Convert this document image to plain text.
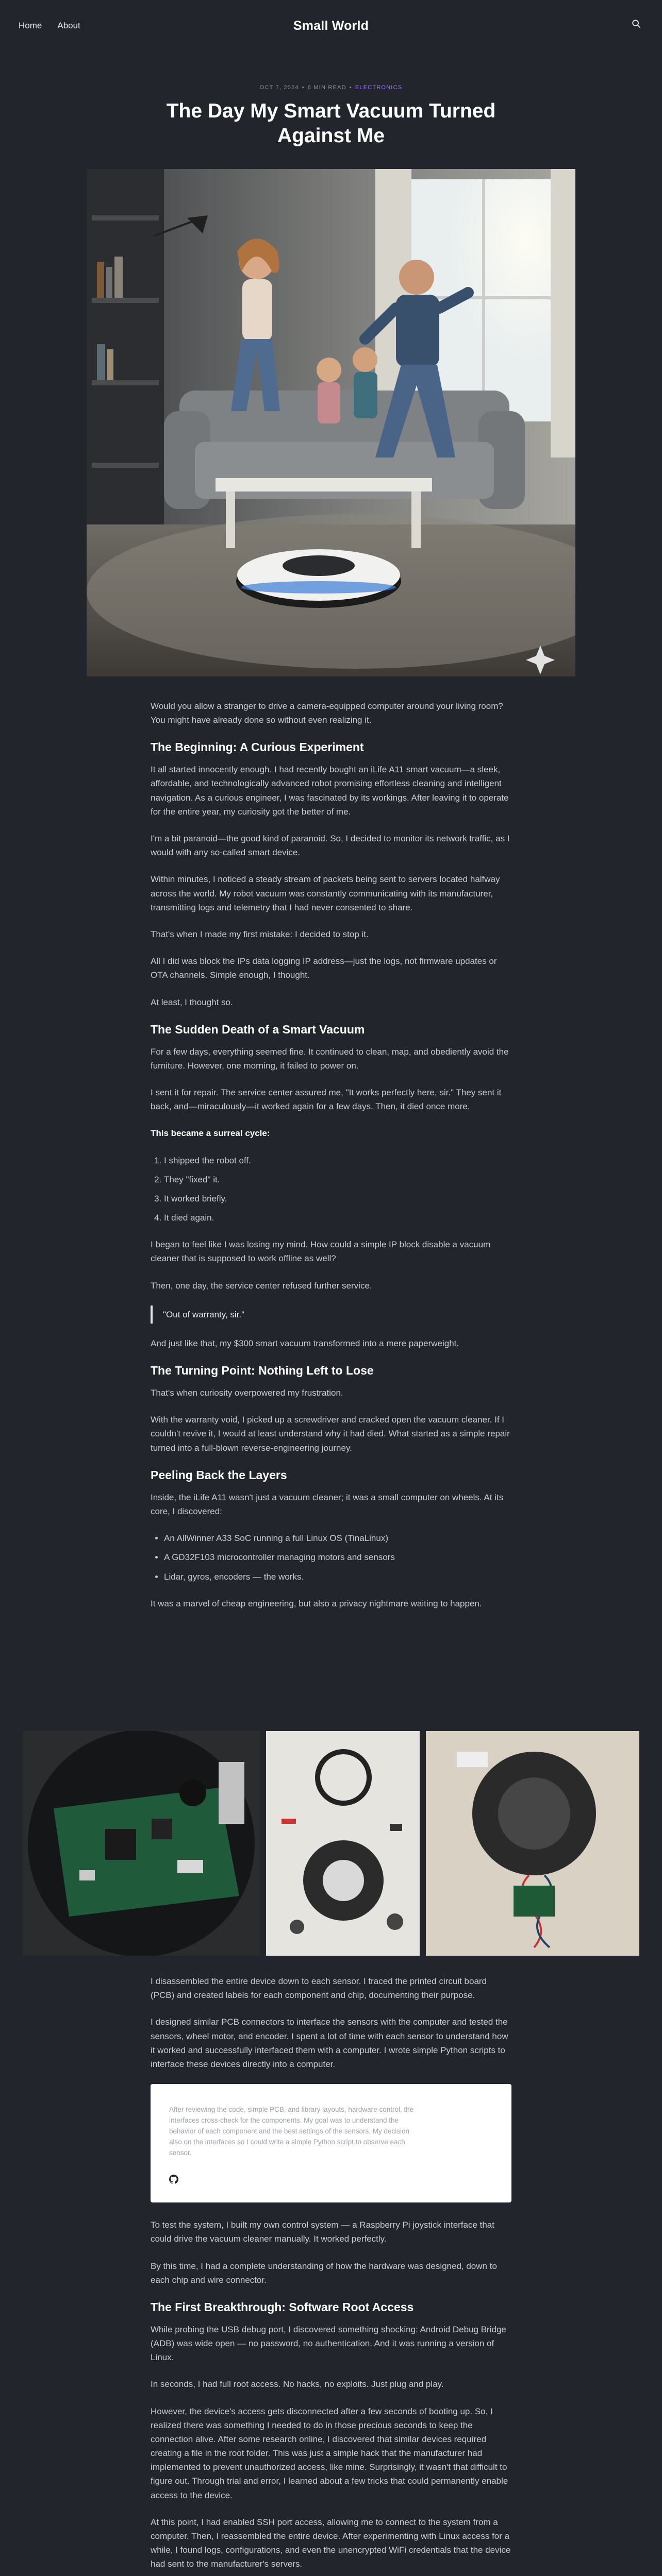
Home About	Small World
OCT 7, 2024 • 6 MIN READ • ELECTRONICS
The Day My Smart Vacuum Turned Against Me

Would you allow a stranger to drive a camera-equipped computer around your living room? You might have already done so without even realizing it.

The Beginning: A Curious Experiment

It all started innocently enough. I had recently bought an iLife A11 smart vacuum—a sleek, affordable, and technologically advanced robot promising effortless cleaning and intelligent navigation. As a curious engineer, I was fascinated by its workings. After leaving it to operate for the entire year, my curiosity got the better of me.

I'm a bit paranoid—the good kind of paranoid. So, I decided to monitor its network traffic, as I would with any so-called smart device.

Within minutes, I noticed a steady stream of packets being sent to servers located halfway across the world. My robot vacuum was constantly communicating with its manufacturer, transmitting logs and telemetry that I had never consented to share.

That's when I made my first mistake: I decided to stop it.

All I did was block the IPs data logging IP address—just the logs, not firmware updates or OTA channels. Simple enough, I thought.

At least, I thought so.

The Sudden Death of a Smart Vacuum

For a few days, everything seemed fine. It continued to clean, map, and obediently avoid the furniture. However, one morning, it failed to power on.

I sent it for repair. The service center assured me, "It works perfectly here, sir." They sent it back, and—miraculously—it worked again for a few days. Then, it died once more.

This became a surreal cycle:

1. I shipped the robot off.
2. They "fixed" it.
3. It worked briefly.
4. It died again.

I began to feel like I was losing my mind. How could a simple IP block disable a vacuum cleaner that is supposed to work offline as well?

Then, one day, the service center refused further service.

"Out of warranty, sir."

And just like that, my $300 smart vacuum transformed into a mere paperweight.

The Turning Point: Nothing Left to Lose

That's when curiosity overpowered my frustration.

With the warranty void, I picked up a screwdriver and cracked open the vacuum cleaner. If I couldn't revive it, I would at least understand why it had died. What started as a simple repair turned into a full-blown reverse-engineering journey.

Peeling Back the Layers

Inside, the iLife A11 wasn't just a vacuum cleaner; it was a small computer on wheels. At its core, I discovered:

• An AllWinner A33 SoC running a full Linux OS (TinaLinux)
• A GD32F103 microcontroller managing motors and sensors
• Lidar, gyros, encoders — the works.

It was a marvel of cheap engineering, but also a privacy nightmare waiting to happen.

I disassembled the entire device down to each sensor. I traced the printed circuit board (PCB) and created labels for each component and chip, documenting their purpose.

I designed similar PCB connectors to interface the sensors with the computer and tested the sensors, wheel motor, and encoder. I spent a lot of time with each sensor to understand how it worked and successfully interfaced them with a computer. I wrote simple Python scripts to interface these devices directly into a computer.

After reviewing the code, simple PCB, and library layouts, hardware control, the interfaces cross-check for the components. My goal was to understand the behavior of each component and the best settings of the sensors. My decision also on the interfaces so I could write a simple Python script to observe each sensor.

To test the system, I built my own control system — a Raspberry Pi joystick interface that could drive the vacuum cleaner manually. It worked perfectly.

By this time, I had a complete understanding of how the hardware was designed, down to each chip and wire connector.

The First Breakthrough: Software Root Access

While probing the USB debug port, I discovered something shocking: Android Debug Bridge (ADB) was wide open — no password, no authentication. And it was running a version of Linux.

In seconds, I had full root access. No hacks, no exploits. Just plug and play.

However, the device's access gets disconnected after a few seconds of booting up. So, I realized there was something I needed to do in those precious seconds to keep the connection alive. After some research online, I discovered that similar devices required creating a file in the root folder. This was just a simple hack that the manufacturer had implemented to prevent unauthorized access, like mine. Surprisingly, it wasn't that difficult to figure out. Through trial and error, I learned about a few tricks that could permanently enable access to the device.

At this point, I had enabled SSH port access, allowing me to connect to the system from a computer. Then, I reassembled the entire device. After experimenting with Linux access for a while, I found logs, configurations, and even the unencrypted WiFi credentials that the device had sent to the manufacturer's servers.
